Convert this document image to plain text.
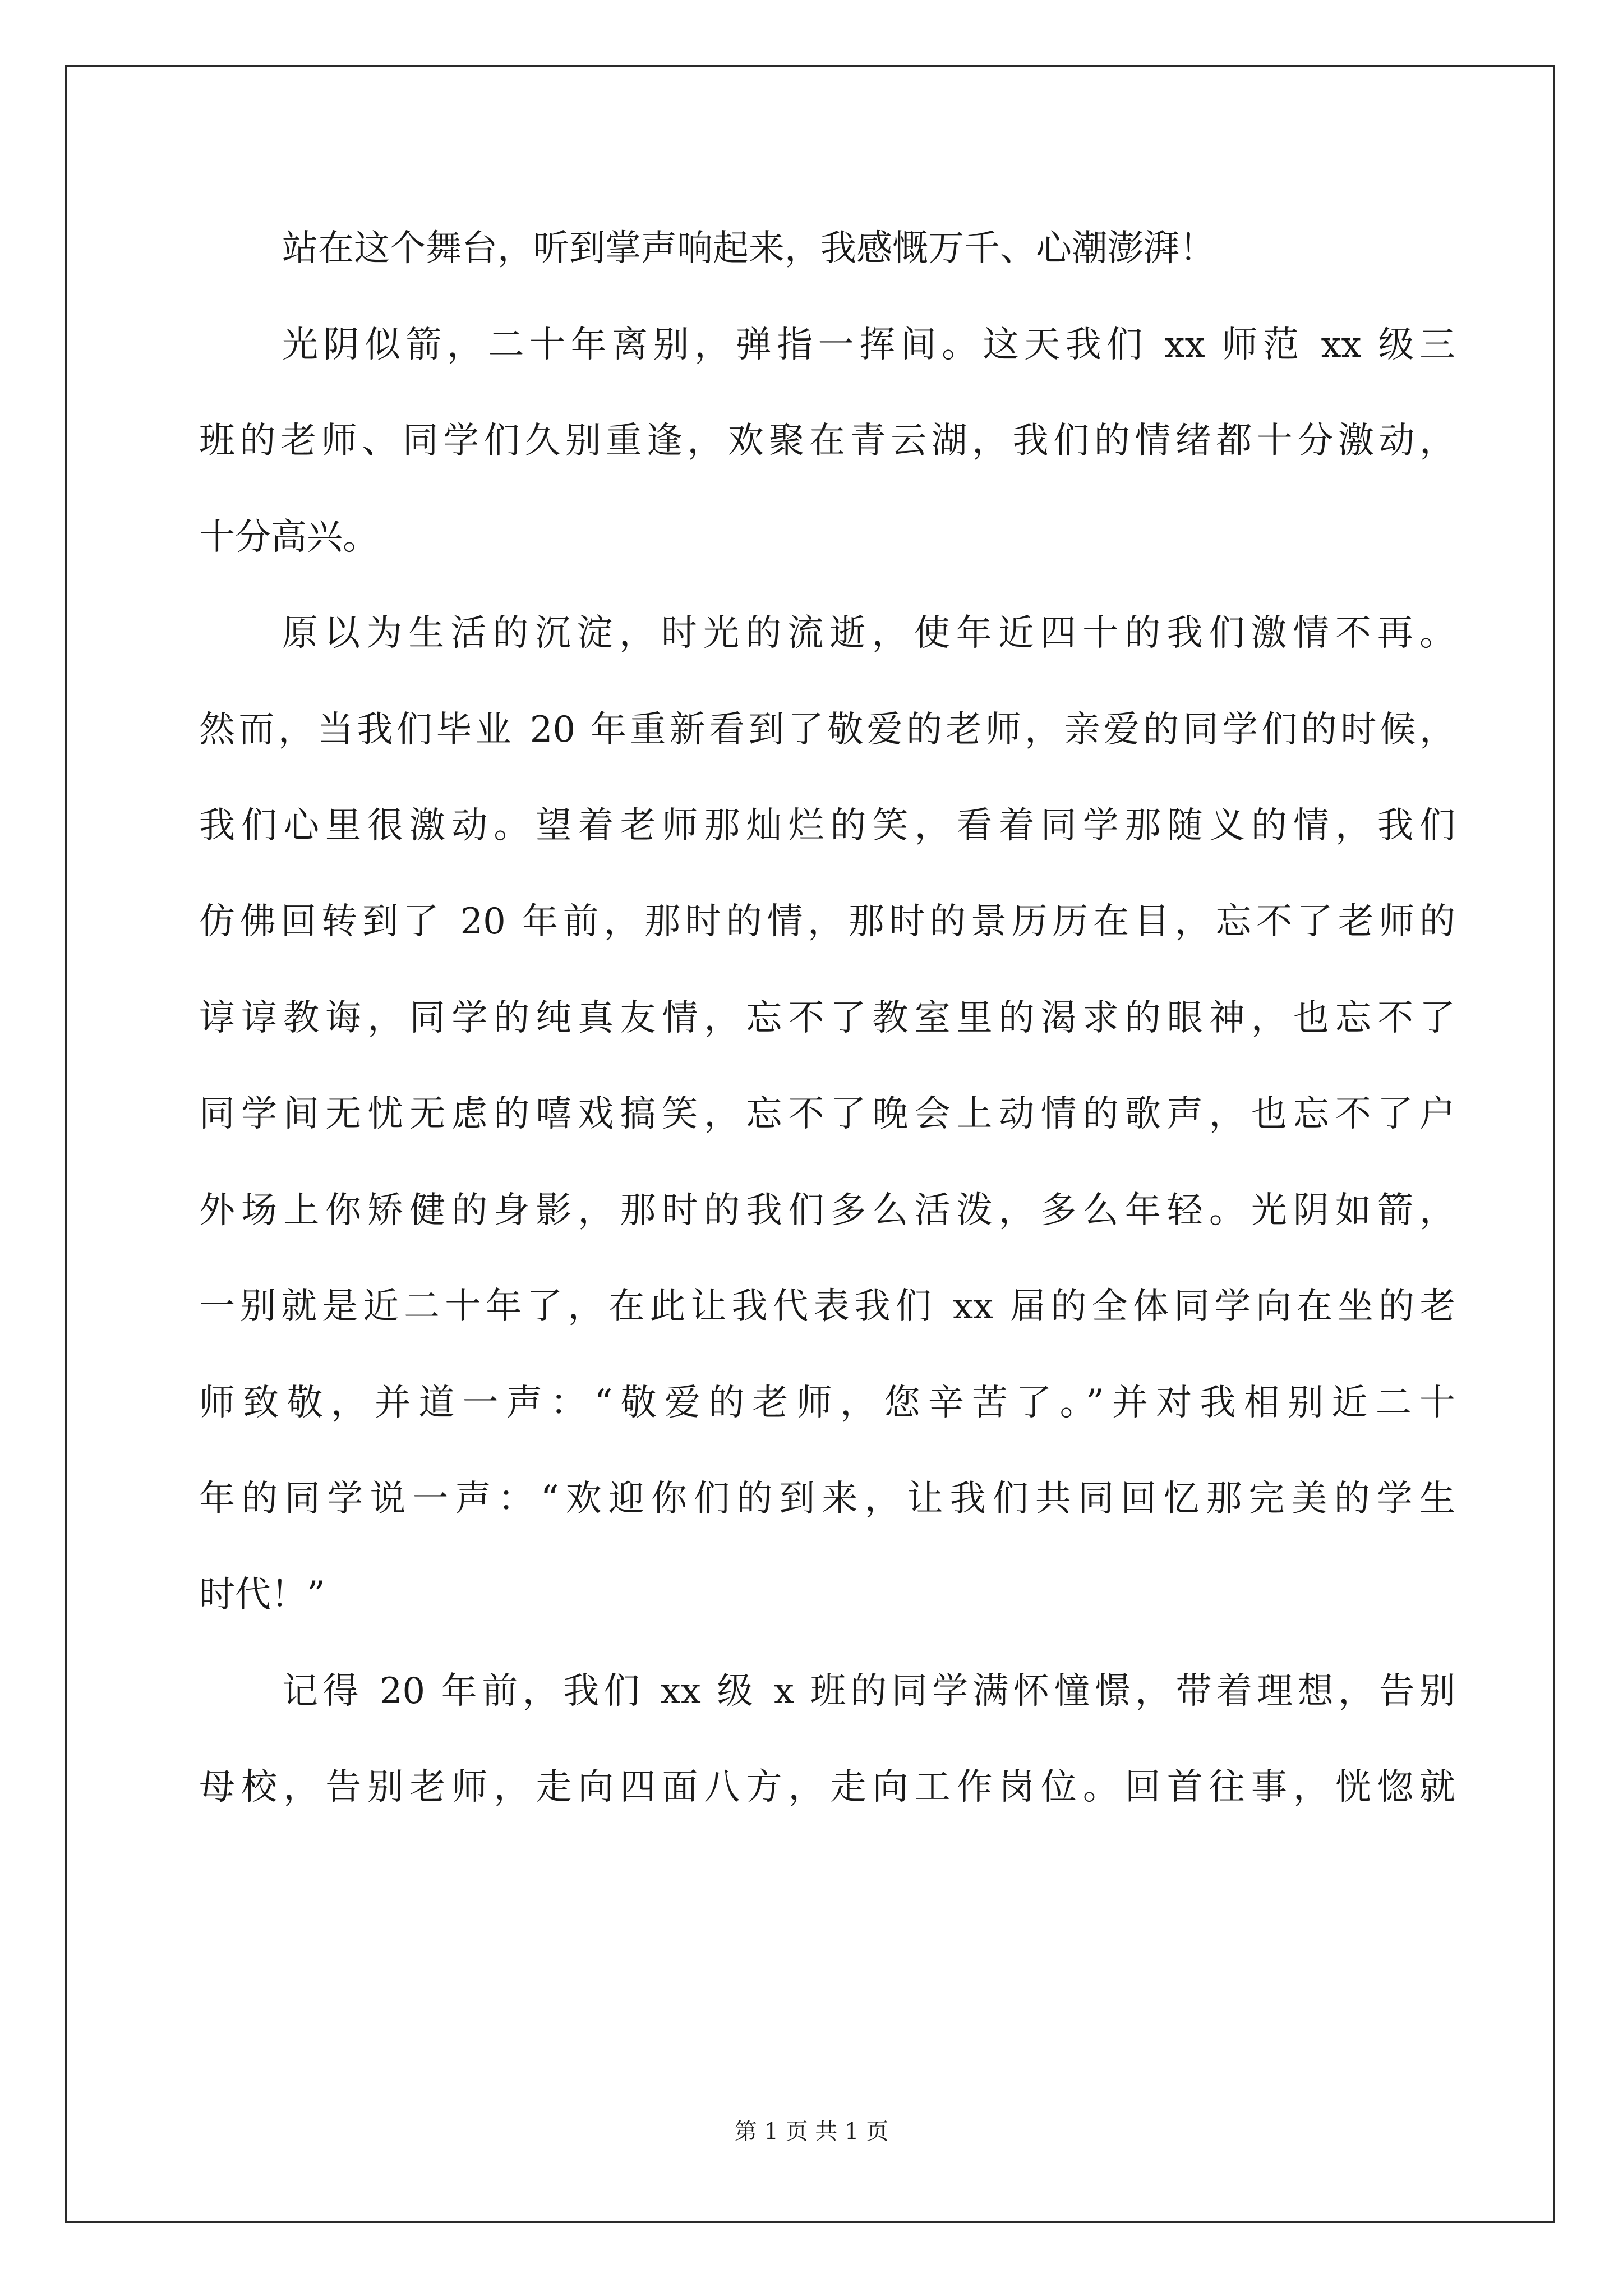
站在这个舞台，听到掌声响起来，我感慨万千、心潮澎湃！
光阴似箭，二十年离别，弹指一挥间。这天我们 xx 师范 xx 级三
班的老师、同学们久别重逢，欢聚在青云湖，我们的情绪都十分激动，
十分高兴。
原以为生活的沉淀，时光的流逝，使年近四十的我们激情不再。
然而，当我们毕业 20 年重新看到了敬爱的老师，亲爱的同学们的时候，
我们心里很激动。望着老师那灿烂的笑，看着同学那随义的情，我们
仿佛回转到了 20 年前，那时的情，那时的景历历在目，忘不了老师的
谆谆教诲，同学的纯真友情，忘不了教室里的渴求的眼神，也忘不了
同学间无忧无虑的嘻戏搞笑，忘不了晚会上动情的歌声，也忘不了户
外场上你矫健的身影，那时的我们多么活泼，多么年轻。光阴如箭，
一别就是近二十年了，在此让我代表我们 xx 届的全体同学向在坐的老
师致敬，并道一声：“敬爱的老师，您辛苦了。”并对我相别近二十
年的同学说一声：“欢迎你们的到来，让我们共同回忆那完美的学生
时代！”
记得 20 年前，我们 xx 级 x 班的同学满怀憧憬，带着理想，告别
母校，告别老师，走向四面八方，走向工作岗位。回首往事，恍惚就
第 1 页 共 1 页
